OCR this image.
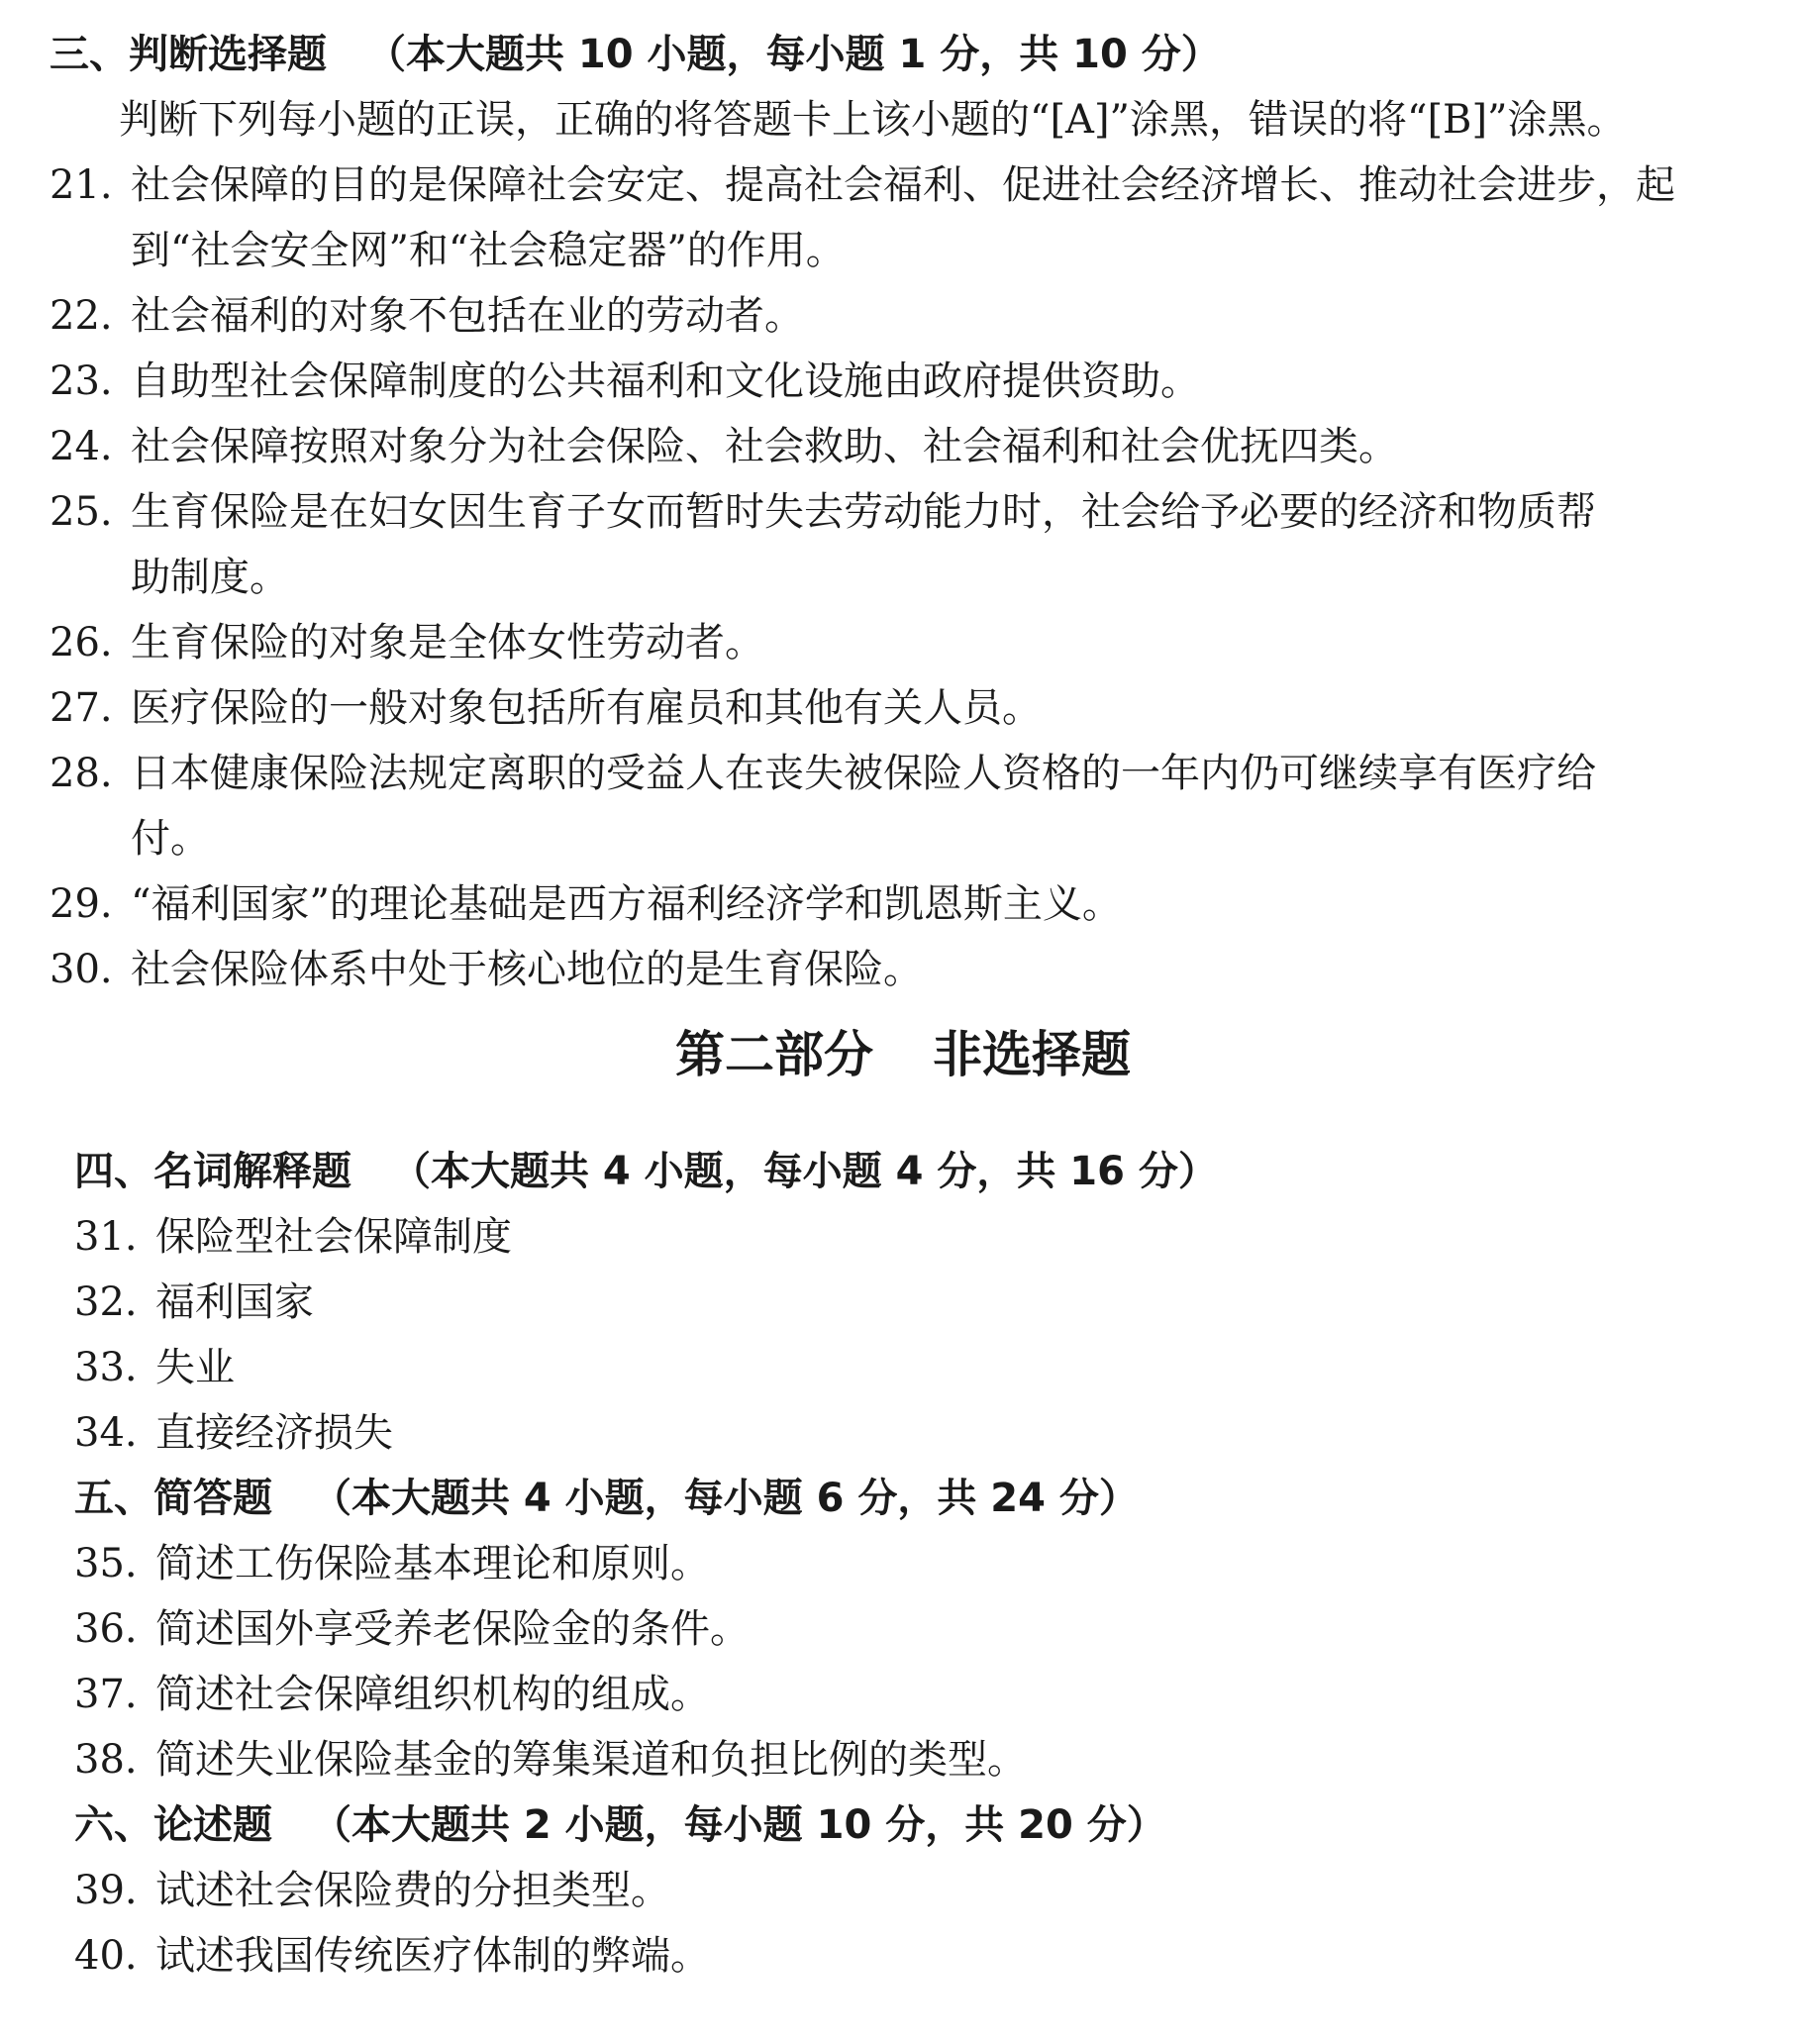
三、判断选择题 （本大题共 10 小题，每小题 1 分，共 10 分）
判断下列每小题的正误，正确的将答题卡上该小题的“[A]”涂黑，错误的将“[B]”涂黑。
21. 社会保障的目的是保障社会安定、提高社会福利、促进社会经济增长、推动社会进步，起
到“社会安全网”和“社会稳定器”的作用。
22. 社会福利的对象不包括在业的劳动者。
23. 自助型社会保障制度的公共福利和文化设施由政府提供资助。
24. 社会保障按照对象分为社会保险、社会救助、社会福利和社会优抚四类。
25. 生育保险是在妇女因生育子女而暂时失去劳动能力时，社会给予必要的经济和物质帮
助制度。
26. 生育保险的对象是全体女性劳动者。
27. 医疗保险的一般对象包括所有雇员和其他有关人员。
28. 日本健康保险法规定离职的受益人在丧失被保险人资格的一年内仍可继续享有医疗给
付。
29. “福利国家”的理论基础是西方福利经济学和凯恩斯主义。
30. 社会保险体系中处于核心地位的是生育保险。
第二部分 非选择题
四、名词解释题 （本大题共 4 小题，每小题 4 分，共 16 分）
31. 保险型社会保障制度
32. 福利国家
33. 失业
34. 直接经济损失
五、简答题 （本大题共 4 小题，每小题 6 分，共 24 分）
35. 简述工伤保险基本理论和原则。
36. 简述国外享受养老保险金的条件。
37. 简述社会保障组织机构的组成。
38. 简述失业保险基金的筹集渠道和负担比例的类型。
六、论述题 （本大题共 2 小题，每小题 10 分，共 20 分）
39. 试述社会保险费的分担类型。
40. 试述我国传统医疗体制的弊端。
